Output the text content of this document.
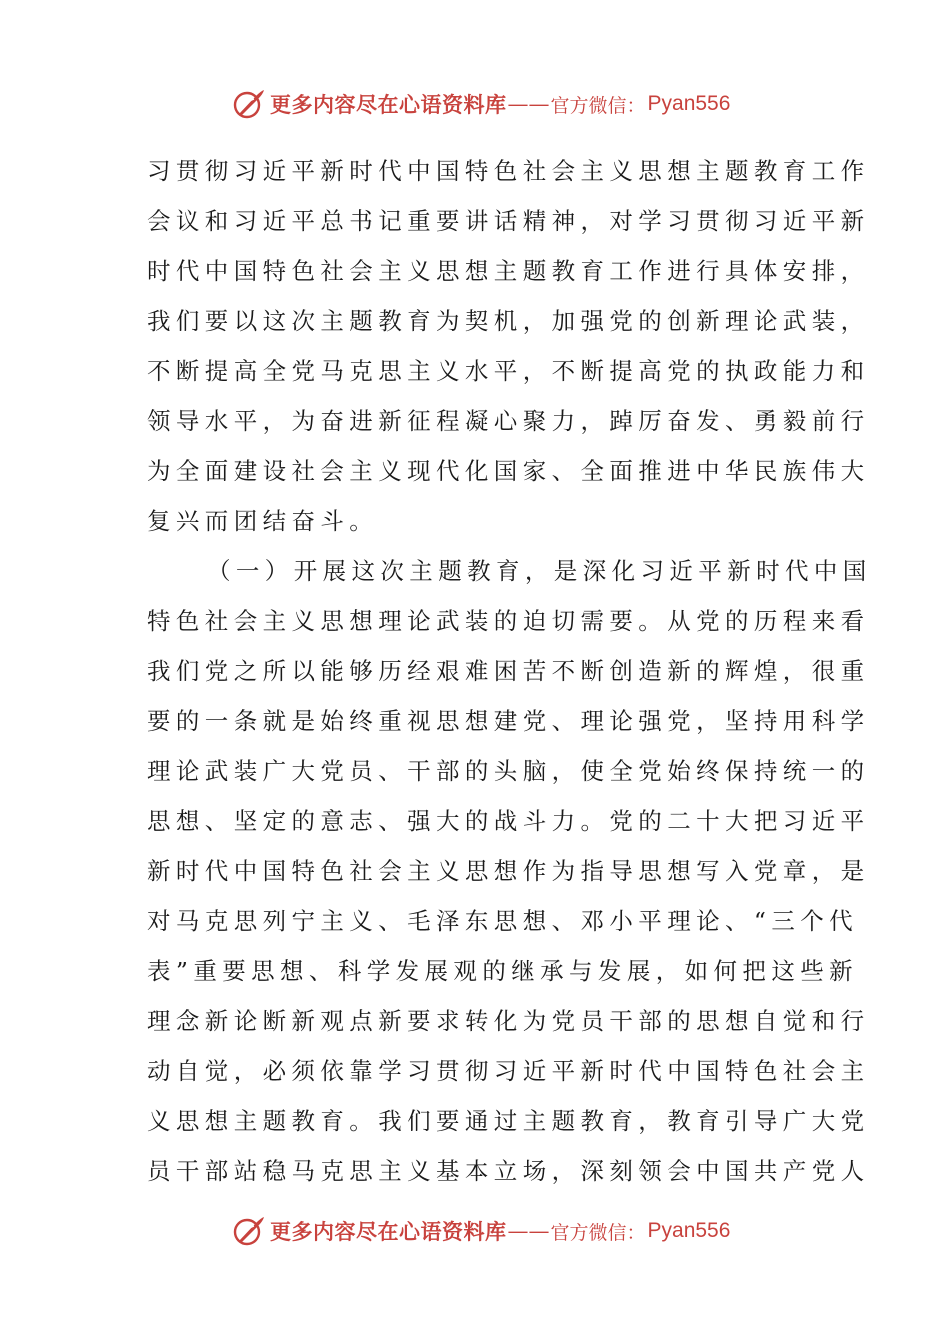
更多内容尽在心语资料库 —— 官方微信： Pyan556
习贯彻习近平新时代中国特色社会主义思想主题教育工作
会议和习近平总书记重要讲话精神，对学习贯彻习近平新
时代中国特色社会主义思想主题教育工作进行具体安排，
我们要以这次主题教育为契机，加强党的创新理论武装，
不断提高全党马克思主义水平，不断提高党的执政能力和
领导水平，为奋进新征程凝心聚力，踔厉奋发、勇毅前行
为全面建设社会主义现代化国家、全面推进中华民族伟大
复兴而团结奋斗。
（一）开展这次主题教育，是深化习近平新时代中国
特色社会主义思想理论武装的迫切需要。从党的历程来看
我们党之所以能够历经艰难困苦不断创造新的辉煌，很重
要的一条就是始终重视思想建党、理论强党，坚持用科学
理论武装广大党员、干部的头脑，使全党始终保持统一的
思想、坚定的意志、强大的战斗力。党的二十大把习近平
新时代中国特色社会主义思想作为指导思想写入党章，是
对马克思列宁主义、毛泽东思想、邓小平理论、“三个代
表”重要思想、科学发展观的继承与发展，如何把这些新
理念新论断新观点新要求转化为党员干部的思想自觉和行
动自觉，必须依靠学习贯彻习近平新时代中国特色社会主
义思想主题教育。我们要通过主题教育，教育引导广大党
员干部站稳马克思主义基本立场，深刻领会中国共产党人
更多内容尽在心语资料库 —— 官方微信： Pyan556
